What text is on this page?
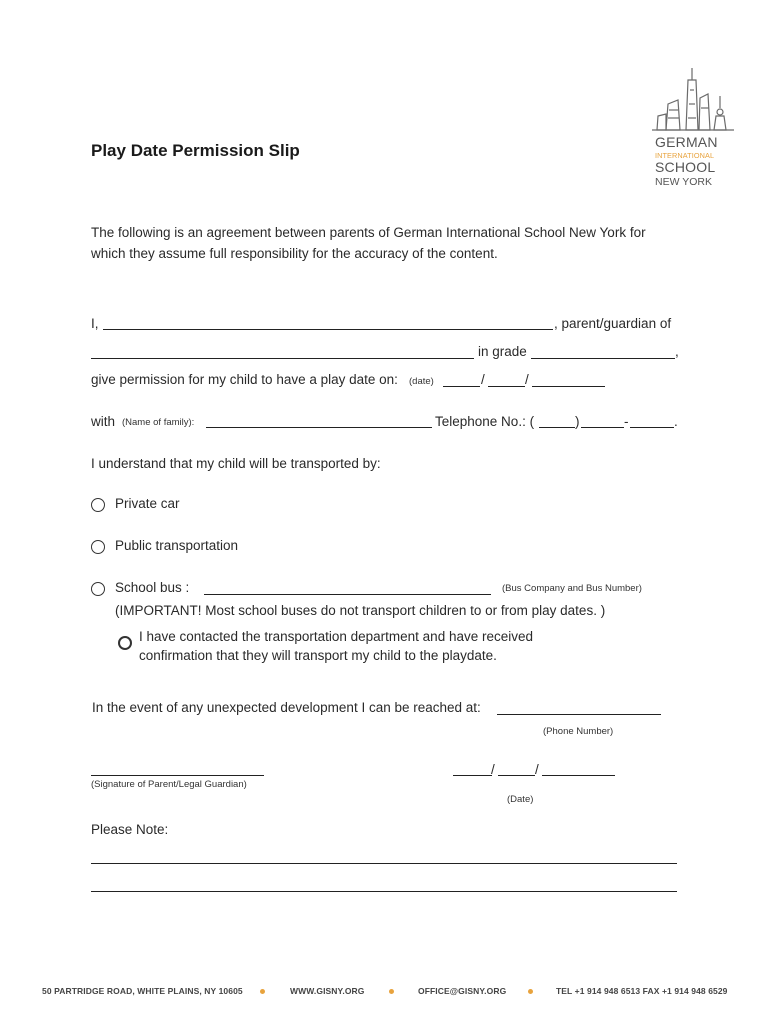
GERMAN
INTERNATIONAL
SCHOOL
NEW YORK
Play Date Permission Slip
The following is an agreement between parents of German International School New York for
which they assume full responsibility for the accuracy of the content.
I,	, parent/guardian of
in grade	,
give permission for my child to have a play date on: (date)	/	/
with (Name of family):	Telephone No.: (	)	-	.
I understand that my child will be transported by:
Private car
Public transportation
School bus :	(Bus Company and Bus Number)
(IMPORTANT! Most school buses do not transport children to or from play dates. )
I have contacted the transportation department and have received
confirmation that they will transport my child to the playdate.
In the event of any unexpected development I can be reached at:
(Phone Number)
(Signature of Parent/Legal Guardian)
/	/
(Date)
Please Note:
50 PARTRIDGE ROAD, WHITE PLAINS, NY 10605	WWW.GISNY.ORG	OFFICE@GISNY.ORG	TEL +1 914 948 6513 FAX +1 914 948 6529
